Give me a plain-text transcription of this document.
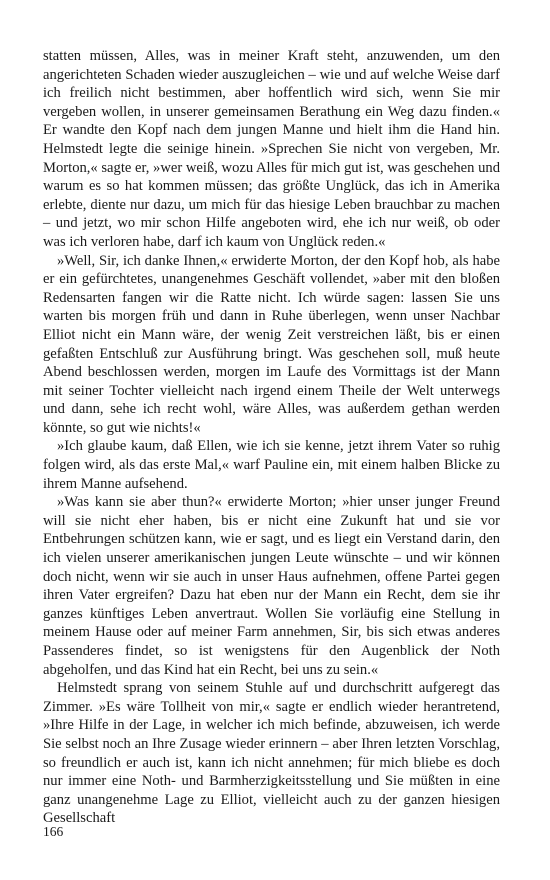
statten müssen, Alles, was in meiner Kraft steht, anzuwenden, um den angerichteten Schaden wieder auszugleichen – wie und auf welche Weise darf ich freilich nicht bestimmen, aber hoffentlich wird sich, wenn Sie mir vergeben wollen, in unserer gemeinsamen Berathung ein Weg dazu finden.« Er wandte den Kopf nach dem jungen Manne und hielt ihm die Hand hin. Helmstedt legte die seinige hinein. »Sprechen Sie nicht von vergeben, Mr. Morton,« sagte er, »wer weiß, wozu Alles für mich gut ist, was geschehen und warum es so hat kommen müssen; das größte Unglück, das ich in Amerika erlebte, diente nur dazu, um mich für das hiesige Leben brauchbar zu machen – und jetzt, wo mir schon Hilfe angeboten wird, ehe ich nur weiß, ob oder was ich verloren habe, darf ich kaum von Unglück reden.«

»Well, Sir, ich danke Ihnen,« erwiderte Morton, der den Kopf hob, als habe er ein gefürchtetes, unangenehmes Geschäft vollendet, »aber mit den bloßen Redensarten fangen wir die Ratte nicht. Ich würde sagen: lassen Sie uns warten bis morgen früh und dann in Ruhe überlegen, wenn unser Nachbar Elliot nicht ein Mann wäre, der wenig Zeit verstreichen läßt, bis er einen gefaßten Entschluß zur Ausführung bringt. Was geschehen soll, muß heute Abend beschlossen werden, morgen im Laufe des Vormittags ist der Mann mit seiner Tochter vielleicht nach irgend einem Theile der Welt unterwegs und dann, sehe ich recht wohl, wäre Alles, was außerdem gethan werden könnte, so gut wie nichts!«

»Ich glaube kaum, daß Ellen, wie ich sie kenne, jetzt ihrem Vater so ruhig folgen wird, als das erste Mal,« warf Pauline ein, mit einem halben Blicke zu ihrem Manne aufsehend.

»Was kann sie aber thun?« erwiderte Morton; »hier unser junger Freund will sie nicht eher haben, bis er nicht eine Zukunft hat und sie vor Entbehrungen schützen kann, wie er sagt, und es liegt ein Verstand darin, den ich vielen unserer amerikanischen jungen Leute wünschte – und wir können doch nicht, wenn wir sie auch in unser Haus aufnehmen, offene Partei gegen ihren Vater ergreifen? Dazu hat eben nur der Mann ein Recht, dem sie ihr ganzes künftiges Leben anvertraut. Wollen Sie vorläufig eine Stellung in meinem Hause oder auf meiner Farm annehmen, Sir, bis sich etwas anderes Passenderes findet, so ist wenigstens für den Augenblick der Noth abgeholfen, und das Kind hat ein Recht, bei uns zu sein.«

Helmstedt sprang von seinem Stuhle auf und durchschritt aufgeregt das Zimmer. »Es wäre Tollheit von mir,« sagte er endlich wieder herantretend, »Ihre Hilfe in der Lage, in welcher ich mich befinde, abzuweisen, ich werde Sie selbst noch an Ihre Zusage wieder erinnern – aber Ihren letzten Vorschlag, so freundlich er auch ist, kann ich nicht annehmen; für mich bliebe es doch nur immer eine Noth- und Barmherzigkeitsstellung und Sie müßten in eine ganz unangenehme Lage zu Elliot, vielleicht auch zu der ganzen hiesigen Gesellschaft

166
